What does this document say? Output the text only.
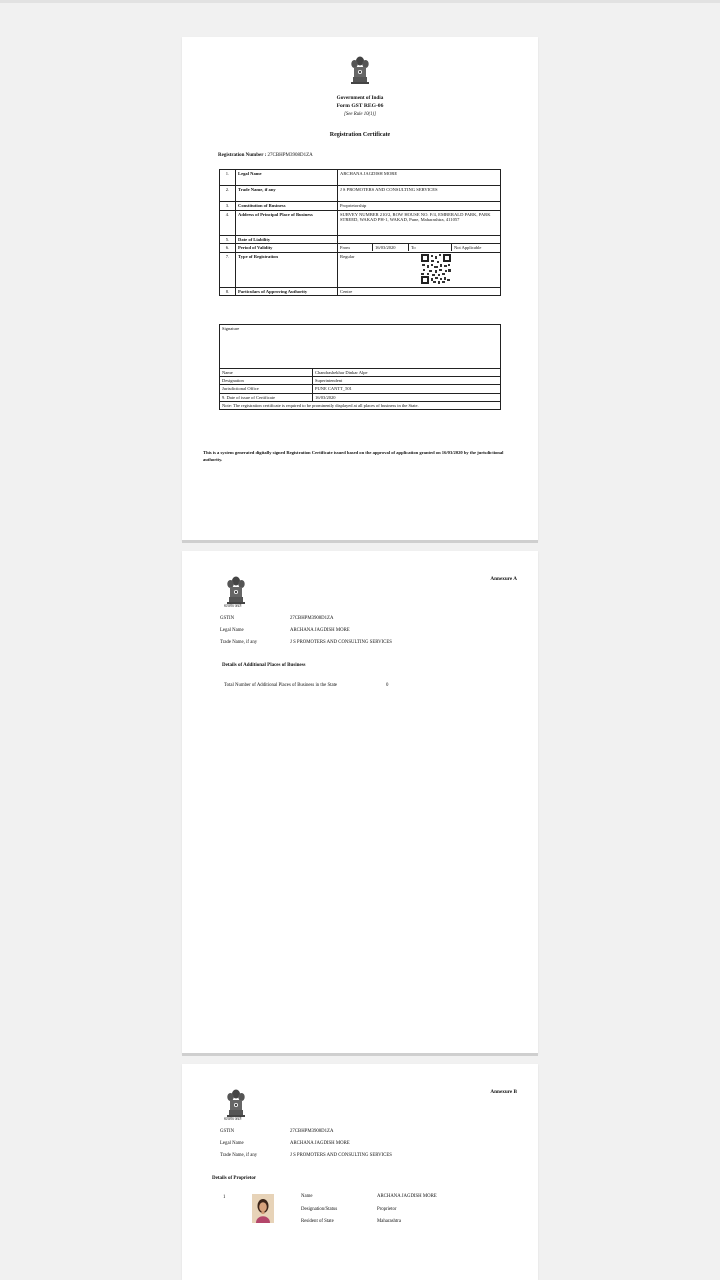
Government of India
Form GST REG-06
[See Rule 10(1)]
Registration Certificate
Registration Number : 27CBHPM3908D1ZA
1.	Legal Name	ARCHANA JAGDISH MORE
2.	Trade Name, if any	J S PROMOTERS AND CONSULTING SERVICES
3.	Constitution of Business	Proprietorship
4.	Address of Principal Place of Business	SURVEY NUMBER 210/2, ROW HOUSE NO. F/4, EMBERALD PARK, PARK STREED, WAKAD PH-1, WAKAD, Pune, Maharashtra, 411057
5.	Date of Liability	
6.	Period of Validity		From	16/03/2020	To	Not Applicable

7.	Type of Registration	Regular

8.	Particulars of Approving Authority	Centre
Signature	
Name	Chandrashekhar Dinkar Alpe
Designation	Superintendent
Jurisdictional Office	PUNE CANTT_501
9. Date of issue of Certificate	16/03/2020
Note: The registration certificate is required to be prominently displayed at all places of business in the State.	
This is a system generated digitally signed Registration Certificate issued based on the approval of application granted on 16/03/2020 by the jurisdictional authority.
सत्यमेव जयते
Annexure A
GSTIN	27CBHPM3908D1ZA
Legal Name	ARCHANA JAGDISH MORE
Trade Name, if any	J S PROMOTERS AND CONSULTING SERVICES
Details of Additional Places of Business
Total Number of Additional Places of Business in the State	0
सत्यमेव जयते
Annexure B
GSTIN	27CBHPM3908D1ZA
Legal Name	ARCHANA JAGDISH MORE
Trade Name, if any	J S PROMOTERS AND CONSULTING SERVICES
Details of Proprietor
1	Name	ARCHANA JAGDISH MORE
Designation/Status	Proprietor
Resident of State	Maharashtra
